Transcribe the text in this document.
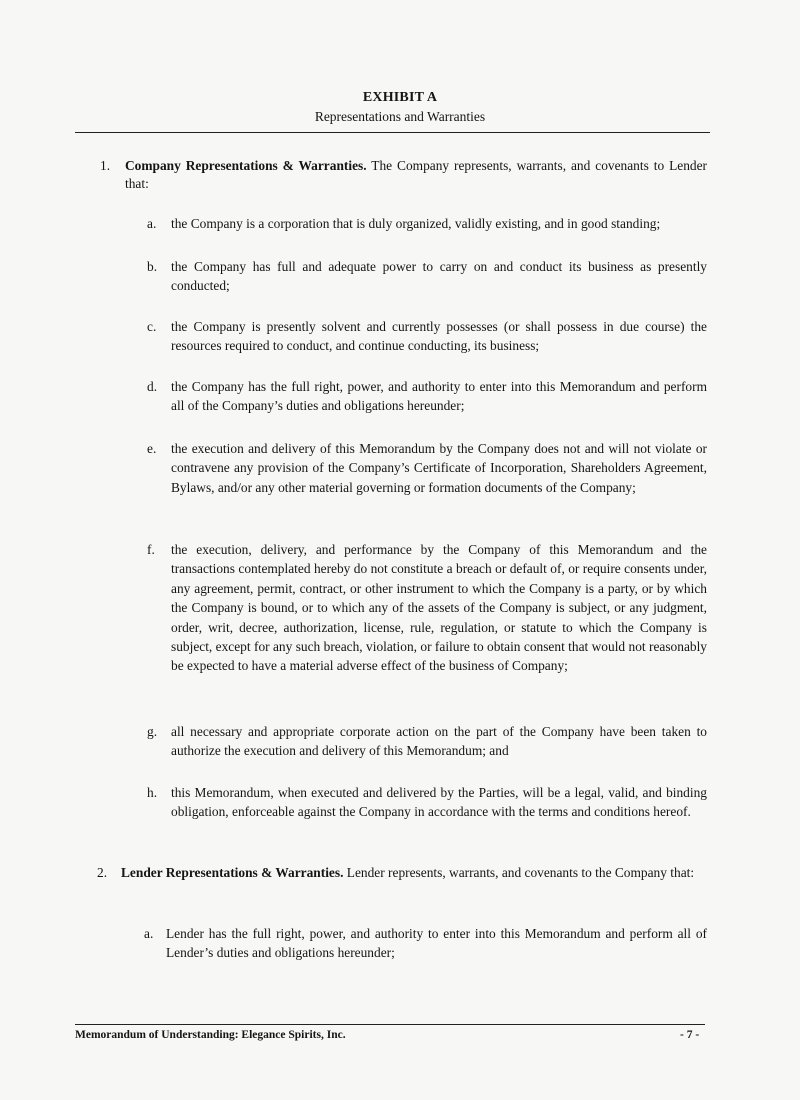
EXHIBIT A
Representations and Warranties
1. Company Representations & Warranties. The Company represents, warrants, and covenants to Lender that:
a. the Company is a corporation that is duly organized, validly existing, and in good standing;
b. the Company has full and adequate power to carry on and conduct its business as presently conducted;
c. the Company is presently solvent and currently possesses (or shall possess in due course) the resources required to conduct, and continue conducting, its business;
d. the Company has the full right, power, and authority to enter into this Memorandum and perform all of the Company’s duties and obligations hereunder;
e. the execution and delivery of this Memorandum by the Company does not and will not violate or contravene any provision of the Company’s Certificate of Incorporation, Shareholders Agreement, Bylaws, and/or any other material governing or formation documents of the Company;
f. the execution, delivery, and performance by the Company of this Memorandum and the transactions contemplated hereby do not constitute a breach or default of, or require consents under, any agreement, permit, contract, or other instrument to which the Company is a party, or by which the Company is bound, or to which any of the assets of the Company is subject, or any judgment, order, writ, decree, authorization, license, rule, regulation, or statute to which the Company is subject, except for any such breach, violation, or failure to obtain consent that would not reasonably be expected to have a material adverse effect of the business of Company;
g. all necessary and appropriate corporate action on the part of the Company have been taken to authorize the execution and delivery of this Memorandum; and
h. this Memorandum, when executed and delivered by the Parties, will be a legal, valid, and binding obligation, enforceable against the Company in accordance with the terms and conditions hereof.
2. Lender Representations & Warranties. Lender represents, warrants, and covenants to the Company that:
a. Lender has the full right, power, and authority to enter into this Memorandum and perform all of Lender’s duties and obligations hereunder;
Memorandum of Understanding: Elegance Spirits, Inc.	- 7 -
